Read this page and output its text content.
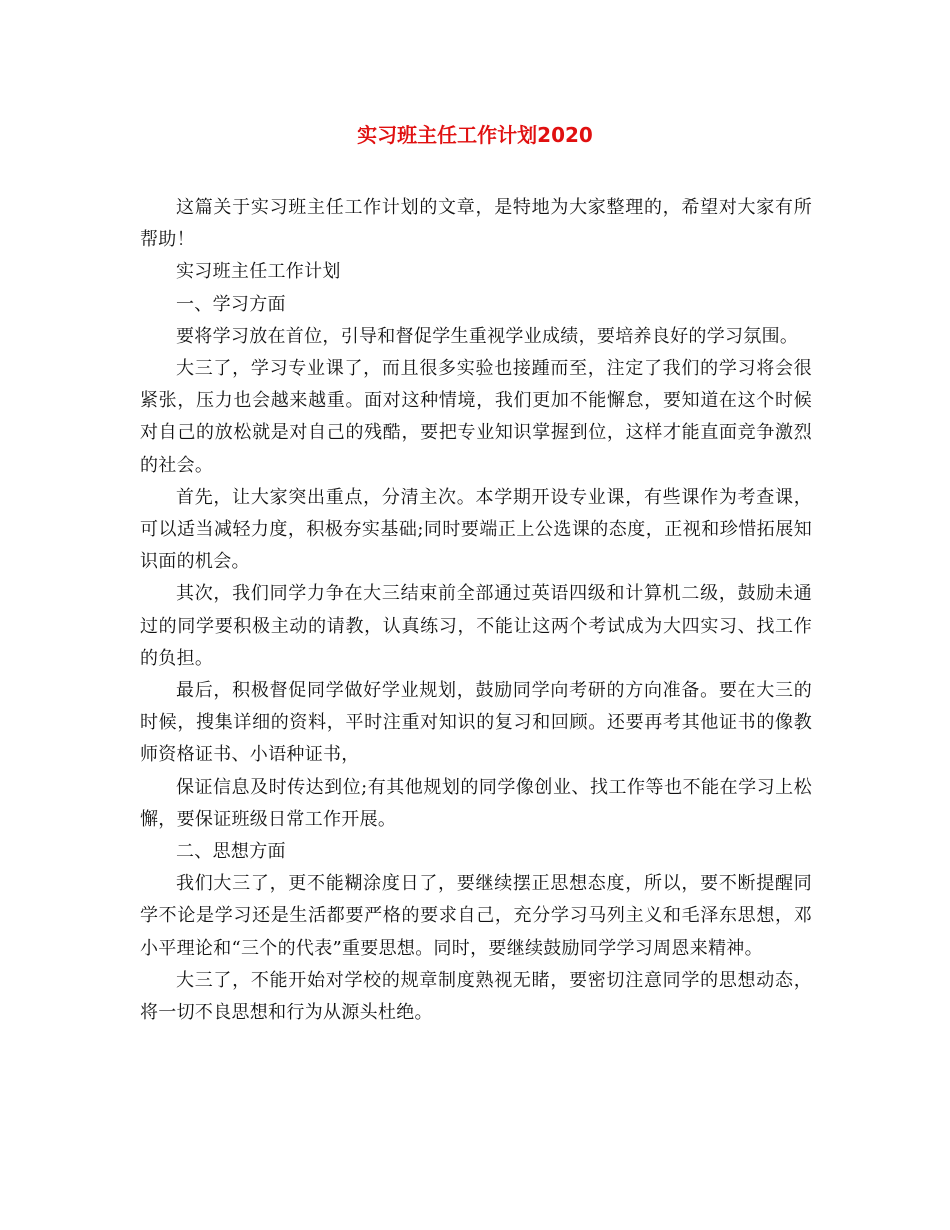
实习班主任工作计划2020

这篇关于实习班主任工作计划的文章，是特地为大家整理的，希望对大家有所帮助！

实习班主任工作计划

一、学习方面

要将学习放在首位，引导和督促学生重视学业成绩，要培养良好的学习氛围。

大三了，学习专业课了，而且很多实验也接踵而至，注定了我们的学习将会很紧张，压力也会越来越重。面对这种情境，我们更加不能懈怠，要知道在这个时候对自己的放松就是对自己的残酷，要把专业知识掌握到位，这样才能直面竞争激烈的社会。

首先，让大家突出重点，分清主次。本学期开设专业课，有些课作为考查课，可以适当减轻力度，积极夯实基础;同时要端正上公选课的态度，正视和珍惜拓展知识面的机会。

其次，我们同学力争在大三结束前全部通过英语四级和计算机二级，鼓励未通过的同学要积极主动的请教，认真练习，不能让这两个考试成为大四实习、找工作的负担。

最后，积极督促同学做好学业规划，鼓励同学向考研的方向准备。要在大三的时候，搜集详细的资料，平时注重对知识的复习和回顾。还要再考其他证书的像教师资格证书、小语种证书，

保证信息及时传达到位;有其他规划的同学像创业、找工作等也不能在学习上松懈，要保证班级日常工作开展。

二、思想方面

我们大三了，更不能糊涂度日了，要继续摆正思想态度，所以，要不断提醒同学不论是学习还是生活都要严格的要求自己，充分学习马列主义和毛泽东思想，邓小平理论和“三个的代表”重要思想。同时，要继续鼓励同学学习周恩来精神。

大三了，不能开始对学校的规章制度熟视无睹，要密切注意同学的思想动态，将一切不良思想和行为从源头杜绝。
